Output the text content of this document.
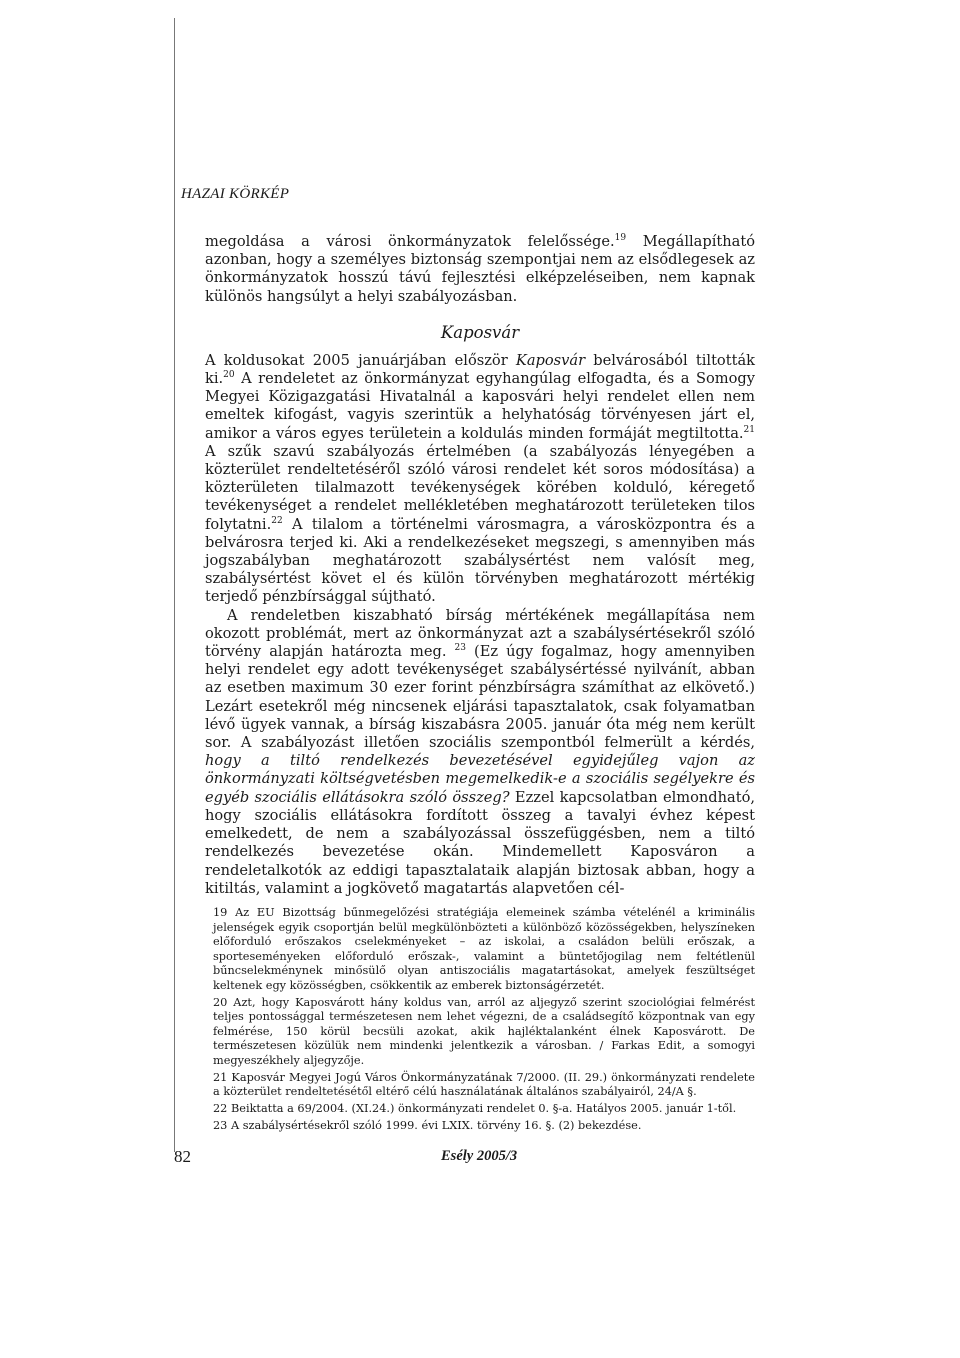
HAZAI KÖRKÉP

megoldása a városi önkormányzatok felelőssége.$^{19}$ Megállapítható azonban, hogy a személyes biztonság szempontjai nem az elsődlegesek az önkormányzatok hosszú távú fejlesztési elképzeléseiben, nem kapnak különös hangsúlyt a helyi szabályozásban.

Kaposvár

A koldusokat 2005 januárjában először Kaposvár belvárosából tiltották ki.$^{20}$ A rendeletet az önkormányzat egyhangúlag elfogadta, és a Somogy Megyei Közigazgatási Hivatalnál a kaposvári helyi rendelet ellen nem emeltek kifogást, vagyis szerintük a helyhatóság törvényesen járt el, amikor a város egyes területein a koldulás minden formáját megtiltotta.$^{21}$ A szűk szavú szabályozás értelmében (a szabályozás lényegében a közterület rendeltetéséről szóló városi rendelet két soros módosítása) a közterületen tilalmazott tevékenységek körében kolduló, kéregető tevékenységet a rendelet mellékletében meghatározott területeken tilos folytatni.$^{22}$ A tilalom a történelmi városmagra, a városközpontra és a belvárosra terjed ki. Aki a rendelkezéseket megszegi, s amennyiben más jogszabályban meghatározott szabálysértést nem valósít meg, szabálysértést követ el és külön törvényben meghatározott mértékig terjedő pénzbírsággal sújtható.

A rendeletben kiszabható bírság mértékének megállapítása nem okozott problémát, mert az önkormányzat azt a szabálysértésekről szóló törvény alapján határozta meg. $^{23}$ (Ez úgy fogalmaz, hogy amennyiben helyi rendelet egy adott tevékenységet szabálysértéssé nyilvánít, abban az esetben maximum 30 ezer forint pénzbírságra számíthat az elkövető.) Lezárt esetekről még nincsenek eljárási tapasztalatok, csak folyamatban lévő ügyek vannak, a bírság kiszabásra 2005. január óta még nem került sor. A szabályozást illetően szociális szempontból felmerült a kérdés, hogy a tiltó rendelkezés bevezetésével egyidejűleg vajon az önkormányzati költségvetésben megemelkedik-e a szociális segélyekre és egyéb szociális ellátásokra szóló összeg? Ezzel kapcsolatban elmondható, hogy szociális ellátásokra fordított összeg a tavalyi évhez képest emelkedett, de nem a szabályozással összefüggésben, nem a tiltó rendelkezés bevezetése okán. Mindemellett Kaposváron a rendeletalkotók az eddigi tapasztalataik alapján biztosak abban, hogy a kitiltás, valamint a jogkövető magatartás alapvetően cél-

19 Az EU Bizottság bűnmegelőzési stratégiája elemeinek számba vételénél a kriminális jelenségek egyik csoportján belül megkülönbözteti a különböző közösségekben, helyszíneken előforduló erőszakos cselekményeket – az iskolai, a családon belüli erőszak, a sporteseményeken előforduló erőszak-, valamint a büntetőjogilag nem feltétlenül bűncselekménynek minősülő olyan antiszociális magatartásokat, amelyek feszültséget keltenek egy közösségben, csökkentik az emberek biztonságérzetét.

20 Azt, hogy Kaposvárott hány koldus van, arról az aljegyző szerint szociológiai felmérést teljes pontossággal természetesen nem lehet végezni, de a családsegítő központnak van egy felmérése, 150 körül becsüli azokat, akik hajléktalanként élnek Kaposvárott. De természetesen közülük nem mindenki jelentkezik a városban. / Farkas Edit, a somogyi megyeszékhely aljegyzője.

21 Kaposvár Megyei Jogú Város Önkormányzatának 7/2000. (II. 29.) önkormányzati rendelete a közterület rendeltetésétől eltérő célú használatának általános szabályairól, 24/A §.

22 Beiktatta a 69/2004. (XI.24.) önkormányzati rendelet 0. §-a. Hatályos 2005. január 1-től.

23 A szabálysértésekről szóló 1999. évi LXIX. törvény 16. §. (2) bekezdése.

82	Esély 2005/3
